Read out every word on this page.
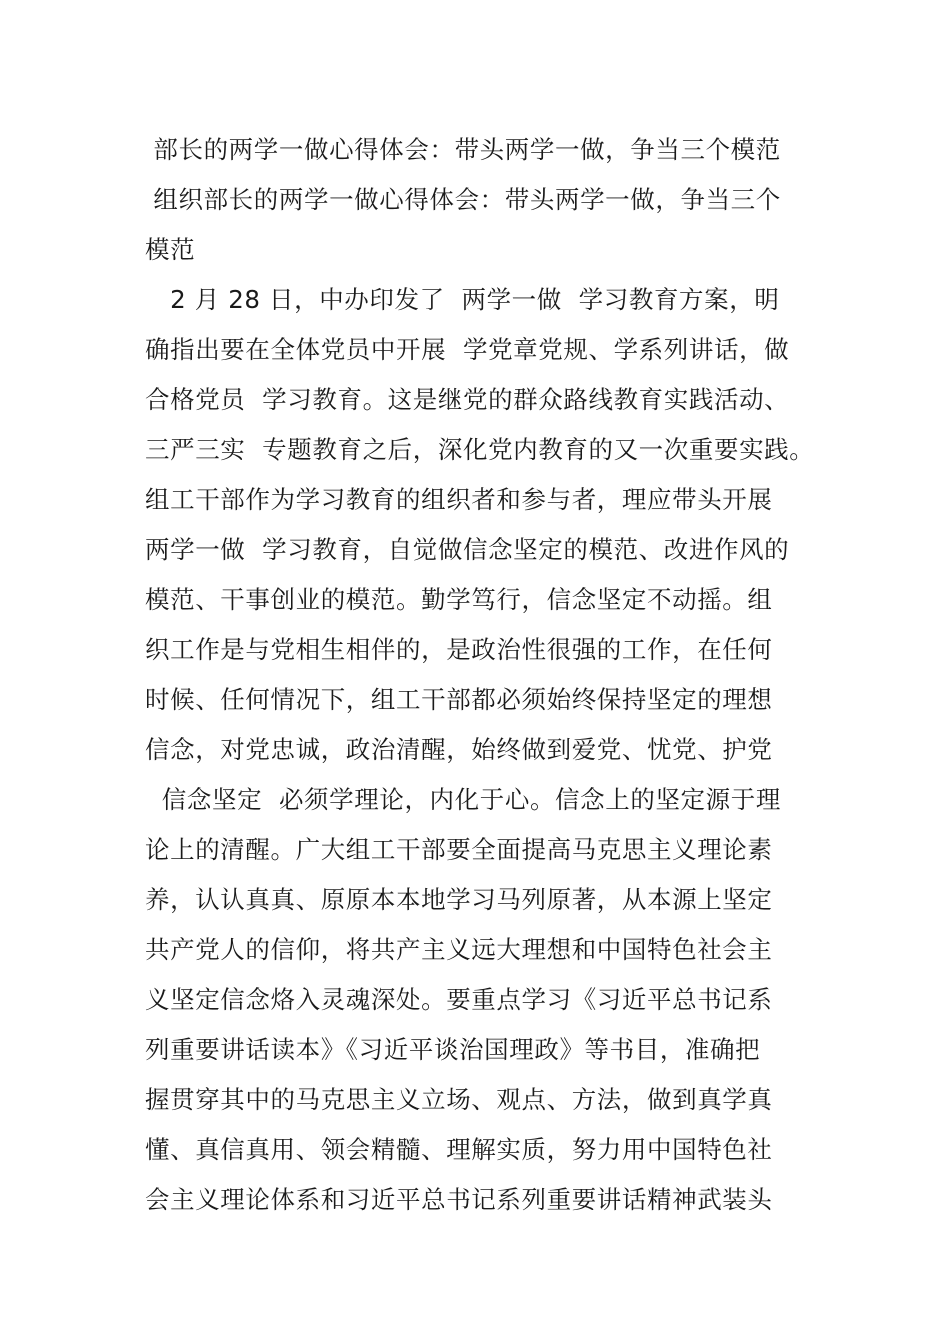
部长的两学一做心得体会：带头两学一做，争当三个模范
组织部长的两学一做心得体会：带头两学一做，争当三个
模范
2 月 28 日，中办印发了  两学一做  学习教育方案，明
确指出要在全体党员中开展  学党章党规、学系列讲话，做
合格党员  学习教育。这是继党的群众路线教育实践活动、
三严三实  专题教育之后，深化党内教育的又一次重要实践。
组工干部作为学习教育的组织者和参与者，理应带头开展
两学一做  学习教育，自觉做信念坚定的模范、改进作风的
模范、干事创业的模范。勤学笃行，信念坚定不动摇。组
织工作是与党相生相伴的，是政治性很强的工作，在任何
时候、任何情况下，组工干部都必须始终保持坚定的理想
信念，对党忠诚，政治清醒，始终做到爱党、忧党、护党
信念坚定  必须学理论，内化于心。信念上的坚定源于理
论上的清醒。广大组工干部要全面提高马克思主义理论素
养，认认真真、原原本本地学习马列原著，从本源上坚定
共产党人的信仰，将共产主义远大理想和中国特色社会主
义坚定信念烙入灵魂深处。要重点学习《习近平总书记系
列重要讲话读本》《习近平谈治国理政》等书目，准确把
握贯穿其中的马克思主义立场、观点、方法，做到真学真
懂、真信真用、领会精髓、理解实质，努力用中国特色社
会主义理论体系和习近平总书记系列重要讲话精神武装头
